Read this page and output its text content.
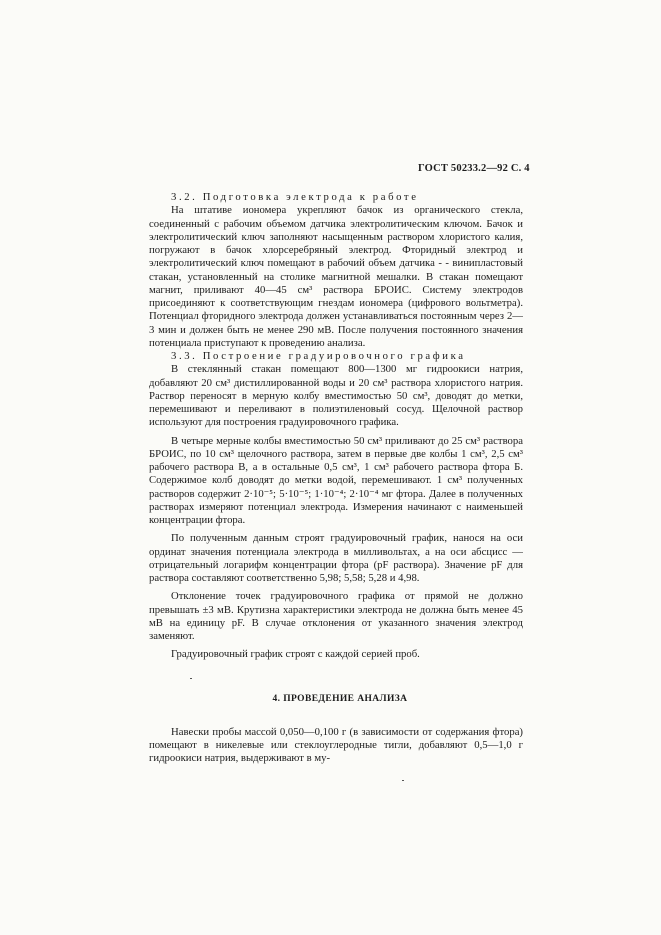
ГОСТ 50233.2—92 С. 4
3.2. Подготовка электрода к работе

На штативе иономера укрепляют бачок из органического стекла, соединенный с рабочим объемом датчика электролитическим ключом. Бачок и электролитический ключ заполняют насыщенным раствором хлористого калия, погружают в бачок хлорсеребряный электрод. Фторидный электрод и электролитический ключ помещают в рабочий объем датчика - - винипластовый стакан, установленный на столике магнитной мешалки. В стакан помещают магнит, приливают 40—45 см³ раствора БРОИС. Систему электродов присоединяют к соответствующим гнездам иономера (цифрового вольтметра). Потенциал фторидного электрода должен устанавливаться постоянным через 2—3 мин и должен быть не менее 290 мВ. После получения постоянного значения потенциала приступают к проведению анализа.

3.3. Построение градуировочного графика

В стеклянный стакан помещают 800—1300 мг гидроокиси натрия, добавляют 20 см³ дистиллированной воды и 20 см³ раствора хлористого натрия. Раствор переносят в мерную колбу вместимостью 50 см³, доводят до метки, перемешивают и переливают в полиэтиленовый сосуд. Щелочной раствор используют для построения градуировочного графика.

В четыре мерные колбы вместимостью 50 см³ приливают до 25 см³ раствора БРОИС, по 10 см³ щелочного раствора, затем в первые две колбы 1 см³, 2,5 см³ рабочего раствора В, а в остальные 0,5 см³, 1 см³ рабочего раствора фтора Б. Содержимое колб доводят до метки водой, перемешивают. 1 см³ полученных растворов содержит 2·10⁻⁵; 5·10⁻⁵; 1·10⁻⁴; 2·10⁻⁴ мг фтора. Далее в полученных растворах измеряют потенциал электрода. Измерения начинают с наименьшей концентрации фтора.

По полученным данным строят градуировочный график, нанося на оси ординат значения потенциала электрода в милливольтах, а на оси абсцисс — отрицательный логарифм концентрации фтора (pF раствора). Значение pF для раствора составляют соответственно 5,98; 5,58; 5,28 и 4,98.

Отклонение точек градуировочного графика от прямой не должно превышать ±3 мВ. Крутизна характеристики электрода не должна быть менее 45 мВ на единицу pF. В случае отклонения от указанного значения электрод заменяют.

Градуировочный график строят с каждой серией проб.

4. ПРОВЕДЕНИЕ АНАЛИЗА

Навески пробы массой 0,050—0,100 г (в зависимости от содержания фтора) помещают в никелевые или стеклоуглеродные тигли, добавляют 0,5—1,0 г гидроокиси натрия, выдерживают в му-
